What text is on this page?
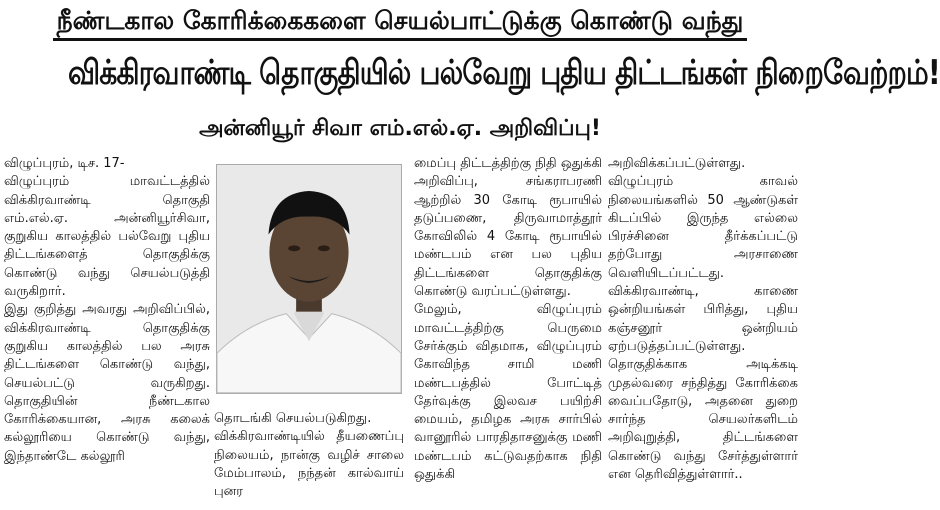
நீண்டகால கோரிக்கைகளை செயல்பாட்டுக்கு கொண்டு வந்து
விக்கிரவாண்டி தொகுதியில் பல்வேறு புதிய திட்டங்கள் நிறைவேற்றம்!
அன்னியூர் சிவா எம்.எல்.ஏ. அறிவிப்பு!
விழுப்புரம், டிச. 17-
விழுப்புரம் மாவட்டத்தில் விக்கிரவாண்டி தொகுதி எம்.எல்.ஏ. அன்னியூர்சிவா, குறுகிய காலத்தில் பல்வேறு புதிய திட்டங்களைத் தொகுதிக்கு கொண்டு வந்து செயல்படுத்தி வருகிறார்.
இது குறித்து அவரது அறிவிப்பில், விக்கிரவாண்டி தொகுதிக்கு குறுகிய காலத்தில் பல அரசு திட்டங்களை கொண்டு வந்து, செயல்பட்டு வருகிறது. தொகுதியின் நீண்டகால கோரிக்கையான, அரசு கலைக் கல்லூரியை கொண்டு வந்து, இந்தாண்டே கல்லூரி
தொடங்கி செயல்படுகிறது.
விக்கிரவாண்டியில் தீயணைப்பு நிலையம், நான்கு வழிச் சாலை மேம்பாலம், நந்தன் கால்வாய் புனர
மைப்பு திட்டத்திற்கு நிதி ஒதுக்கி அறிவிப்பு, சங்கராபரணி ஆற்றில் 30 கோடி ரூபாயில் தடுப்பணை, திருவாமாத்தூர் கோவிலில் 4 கோடி ரூபாயில் மண்டபம் என பல புதிய திட்டங்களை தொகுதிக்கு கொண்டு வரப்பட்டுள்ளது.
மேலும், விழுப்புரம் மாவட்டத்திற்கு பெருமை சேர்க்கும் விதமாக, விழுப்புரம் கோவிந்த சாமி மணி மண்டபத்தில் போட்டித் தேர்வுக்கு இலவச பயிற்சி மையம், தமிழக அரசு சார்பில் வானூரில் பாரதிதாசனுக்கு மணி மண்டபம் கட்டுவதற்காக நிதி ஒதுக்கி
அறிவிக்கப்பட்டுள்ளது.
விழுப்புரம் காவல் நிலையங்களில் 50 ஆண்டுகள் கிடப்பில் இருந்த எல்லை பிரச்சினை தீர்க்கப்பட்டு தற்போது அரசாணை வெளியிடப்பட்டது. விக்கிரவாண்டி, காணை ஒன்றியங்கள் பிரித்து, புதிய கஞ்சனூர் ஒன்றியம் ஏற்படுத்தப்பட்டுள்ளது.
தொகுதிக்காக அடிக்கடி முதல்வரை சந்தித்து கோரிக்கை வைப்பதோடு, அதனை துறை சார்ந்த செயலர்களிடம் அறிவுறுத்தி, திட்டங்களை கொண்டு வந்து சேர்த்துள்ளார் என தெரிவித்துள்ளார்..
